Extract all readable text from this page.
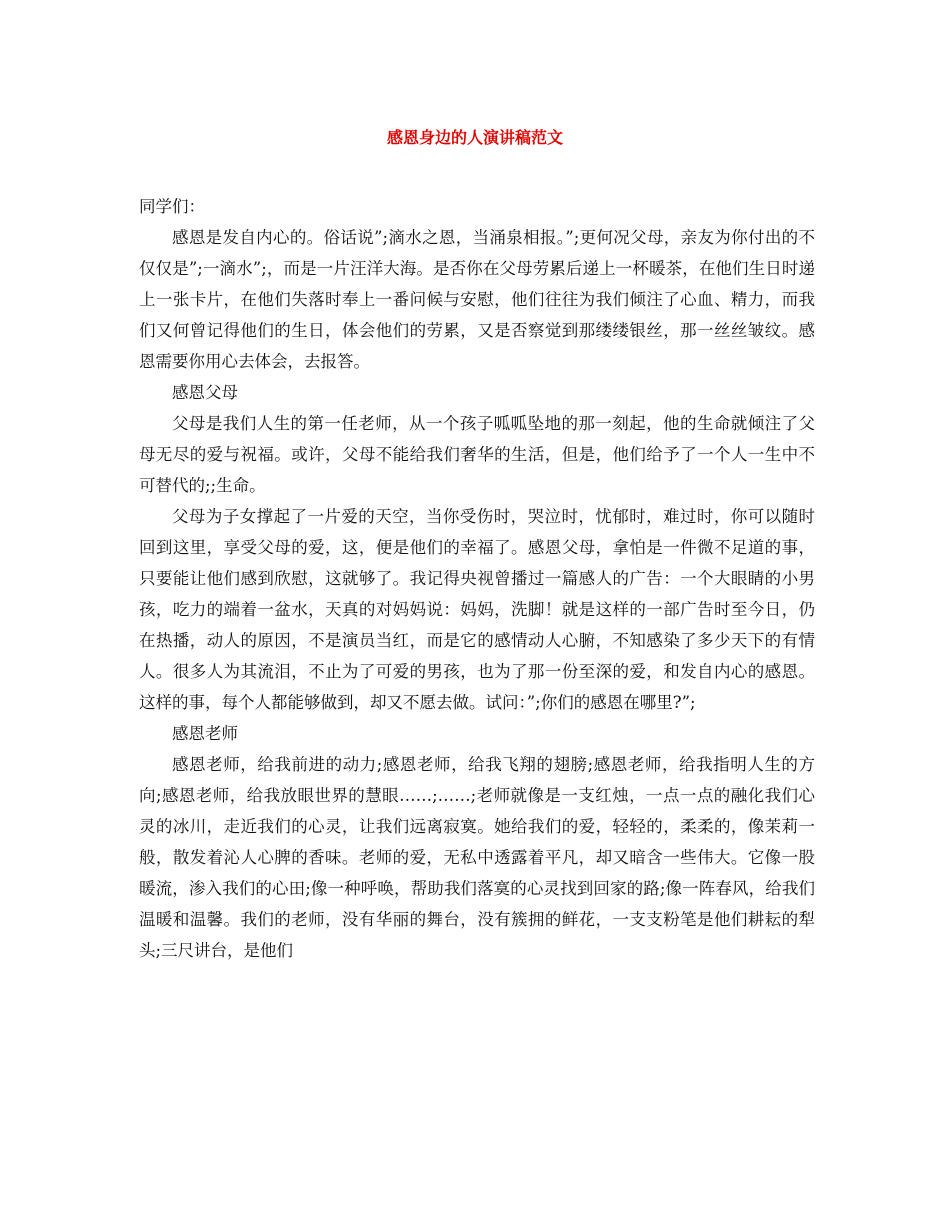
感恩身边的人演讲稿范文

同学们：

感恩是发自内心的。俗话说”;滴水之恩，当涌泉相报。”;更何况父母，亲友为你付出的不仅仅是”;一滴水”;，而是一片汪洋大海。是否你在父母劳累后递上一杯暖茶，在他们生日时递上一张卡片，在他们失落时奉上一番问候与安慰，他们往往为我们倾注了心血、精力，而我们又何曾记得他们的生日，体会他们的劳累，又是否察觉到那缕缕银丝，那一丝丝皱纹。感恩需要你用心去体会，去报答。

感恩父母

父母是我们人生的第一任老师，从一个孩子呱呱坠地的那一刻起，他的生命就倾注了父母无尽的爱与祝福。或许，父母不能给我们奢华的生活，但是，他们给予了一个人一生中不可替代的;;生命。

父母为子女撑起了一片爱的天空，当你受伤时，哭泣时，忧郁时，难过时，你可以随时回到这里，享受父母的爱，这，便是他们的幸福了。感恩父母，拿怕是一件微不足道的事，只要能让他们感到欣慰，这就够了。我记得央视曾播过一篇感人的广告：一个大眼睛的小男孩，吃力的端着一盆水，天真的对妈妈说：妈妈，洗脚！就是这样的一部广告时至今日，仍在热播，动人的原因，不是演员当红，而是它的感情动人心腑，不知感染了多少天下的有情人。很多人为其流泪，不止为了可爱的男孩，也为了那一份至深的爱，和发自内心的感恩。这样的事，每个人都能够做到，却又不愿去做。试问：”;你们的感恩在哪里?”;

感恩老师

感恩老师，给我前进的动力;感恩老师，给我飞翔的翅膀;感恩老师，给我指明人生的方向;感恩老师，给我放眼世界的慧眼……;……;老师就像是一支红烛，一点一点的融化我们心灵的冰川，走近我们的心灵，让我们远离寂寞。她给我们的爱，轻轻的，柔柔的，像茉莉一般，散发着沁人心脾的香味。老师的爱，无私中透露着平凡，却又暗含一些伟大。它像一股暖流，渗入我们的心田;像一种呼唤，帮助我们落寞的心灵找到回家的路;像一阵春风，给我们温暖和温馨。我们的老师，没有华丽的舞台，没有簇拥的鲜花，一支支粉笔是他们耕耘的犁头;三尺讲台，是他们
